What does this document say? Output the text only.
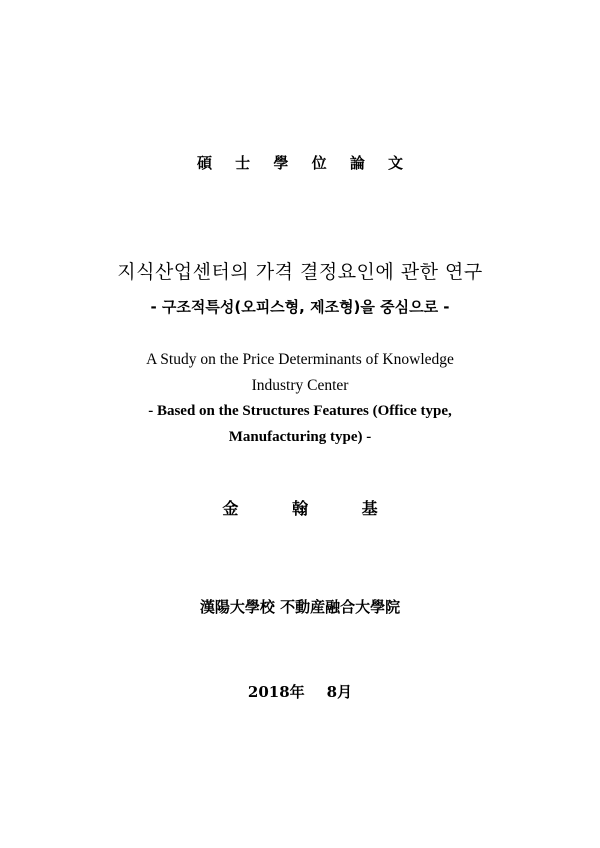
碩 士 學 位 論 文
지식산업센터의 가격 결정요인에 관한 연구
- 구조적특성(오피스형, 제조형)을 중심으로 -
A Study on the Price Determinants of Knowledge
Industry Center
- Based on the Structures Features (Office type,
Manufacturing type) -
金 翰 基
漢陽大學校 不動産融合大學院
2018年 8月
